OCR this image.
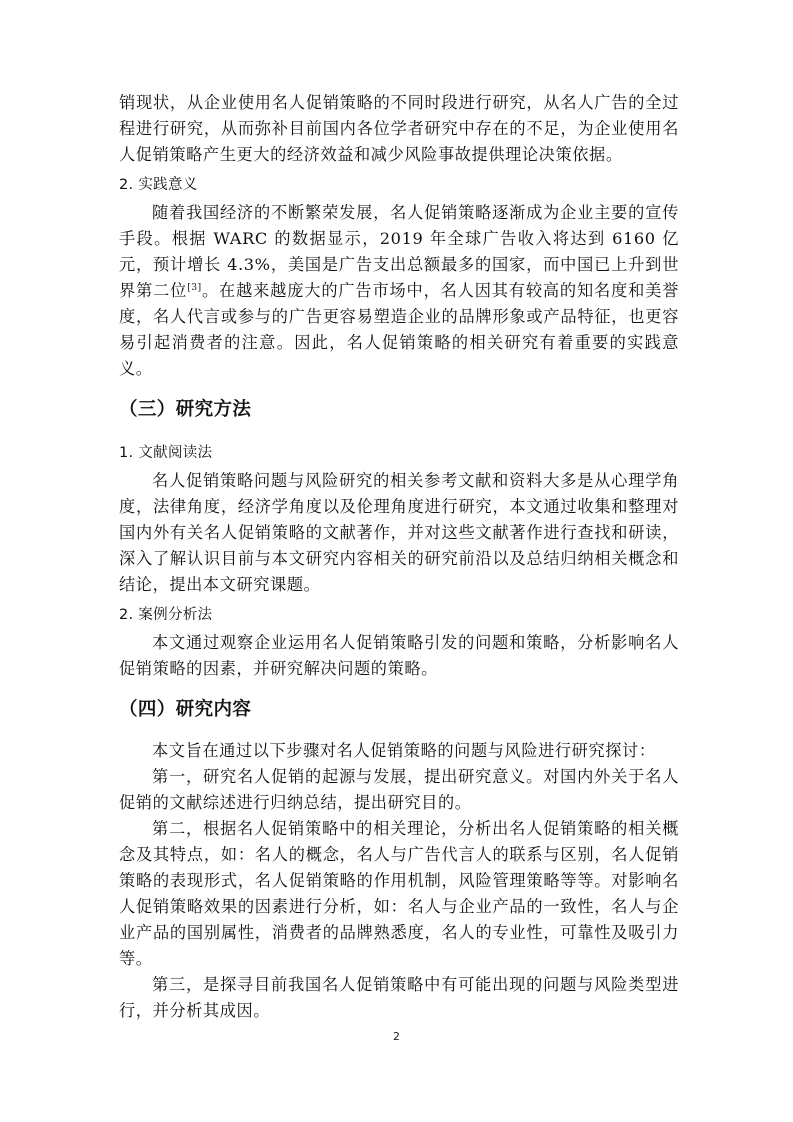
销现状，从企业使用名人促销策略的不同时段进行研究，从名人广告的全过程进行研究，从而弥补目前国内各位学者研究中存在的不足，为企业使用名人促销策略产生更大的经济效益和减少风险事故提供理论决策依据。

2. 实践意义

随着我国经济的不断繁荣发展，名人促销策略逐渐成为企业主要的宣传手段。根据 WARC 的数据显示，2019 年全球广告收入将达到 6160 亿元，预计增长 4.3%，美国是广告支出总额最多的国家，而中国已上升到世界第二位[3]。在越来越庞大的广告市场中，名人因其有较高的知名度和美誉度，名人代言或参与的广告更容易塑造企业的品牌形象或产品特征，也更容易引起消费者的注意。因此，名人促销策略的相关研究有着重要的实践意义。

（三）研究方法

1. 文献阅读法

名人促销策略问题与风险研究的相关参考文献和资料大多是从心理学角度，法律角度，经济学角度以及伦理角度进行研究，本文通过收集和整理对国内外有关名人促销策略的文献著作，并对这些文献著作进行查找和研读，深入了解认识目前与本文研究内容相关的研究前沿以及总结归纳相关概念和结论，提出本文研究课题。

2. 案例分析法

本文通过观察企业运用名人促销策略引发的问题和策略，分析影响名人促销策略的因素，并研究解决问题的策略。

（四）研究内容

本文旨在通过以下步骤对名人促销策略的问题与风险进行研究探讨：

第一，研究名人促销的起源与发展，提出研究意义。对国内外关于名人促销的文献综述进行归纳总结，提出研究目的。

第二，根据名人促销策略中的相关理论，分析出名人促销策略的相关概念及其特点，如：名人的概念，名人与广告代言人的联系与区别，名人促销策略的表现形式，名人促销策略的作用机制，风险管理策略等等。对影响名人促销策略效果的因素进行分析，如：名人与企业产品的一致性，名人与企业产品的国别属性，消费者的品牌熟悉度，名人的专业性，可靠性及吸引力等。

第三，是探寻目前我国名人促销策略中有可能出现的问题与风险类型进行，并分析其成因。

2
